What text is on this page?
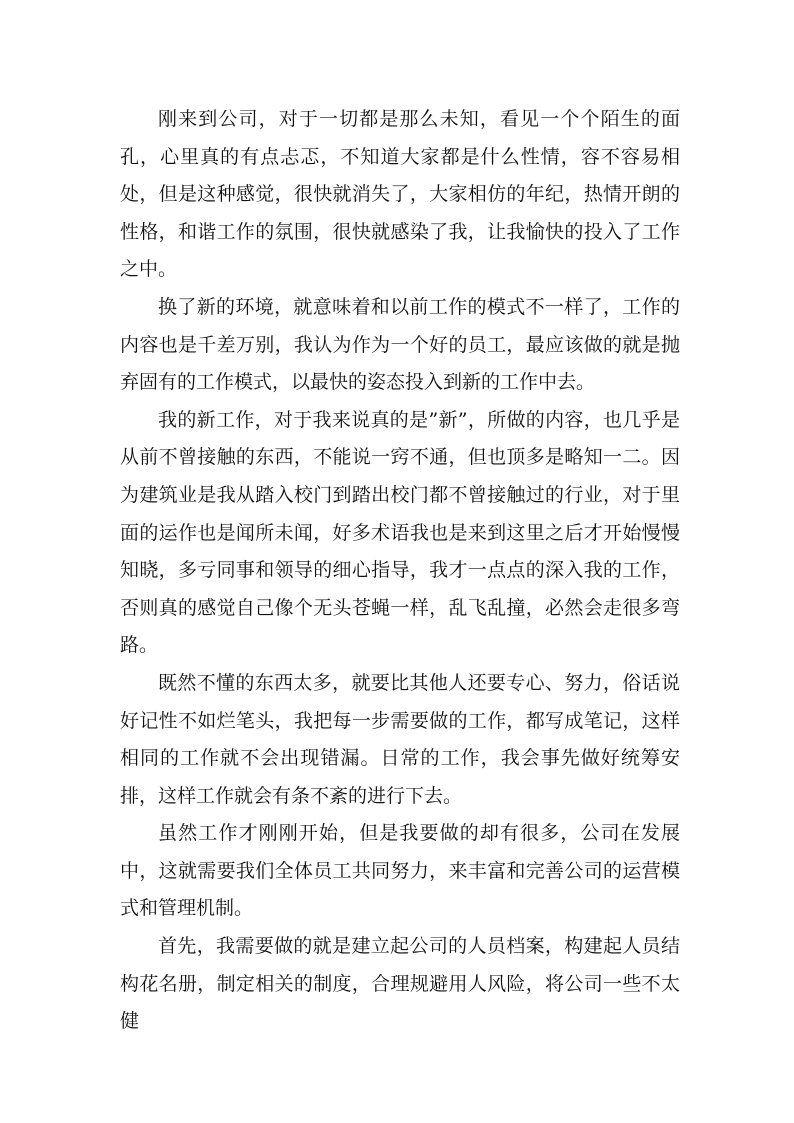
刚来到公司，对于一切都是那么未知，看见一个个陌生的面孔，心里真的有点忐忑，不知道大家都是什么性情，容不容易相处，但是这种感觉，很快就消失了，大家相仿的年纪，热情开朗的性格，和谐工作的氛围，很快就感染了我，让我愉快的投入了工作之中。

换了新的环境，就意味着和以前工作的模式不一样了，工作的内容也是千差万别，我认为作为一个好的员工，最应该做的就是抛弃固有的工作模式，以最快的姿态投入到新的工作中去。

我的新工作，对于我来说真的是”新”，所做的内容，也几乎是从前不曾接触的东西，不能说一窍不通，但也顶多是略知一二。因为建筑业是我从踏入校门到踏出校门都不曾接触过的行业，对于里面的运作也是闻所未闻，好多术语我也是来到这里之后才开始慢慢知晓，多亏同事和领导的细心指导，我才一点点的深入我的工作，否则真的感觉自己像个无头苍蝇一样，乱飞乱撞，必然会走很多弯路。

既然不懂的东西太多，就要比其他人还要专心、努力，俗话说好记性不如烂笔头，我把每一步需要做的工作，都写成笔记，这样相同的工作就不会出现错漏。日常的工作，我会事先做好统筹安排，这样工作就会有条不紊的进行下去。

虽然工作才刚刚开始，但是我要做的却有很多，公司在发展中，这就需要我们全体员工共同努力，来丰富和完善公司的运营模式和管理机制。

首先，我需要做的就是建立起公司的人员档案，构建起人员结构花名册，制定相关的制度，合理规避用人风险，将公司一些不太健
